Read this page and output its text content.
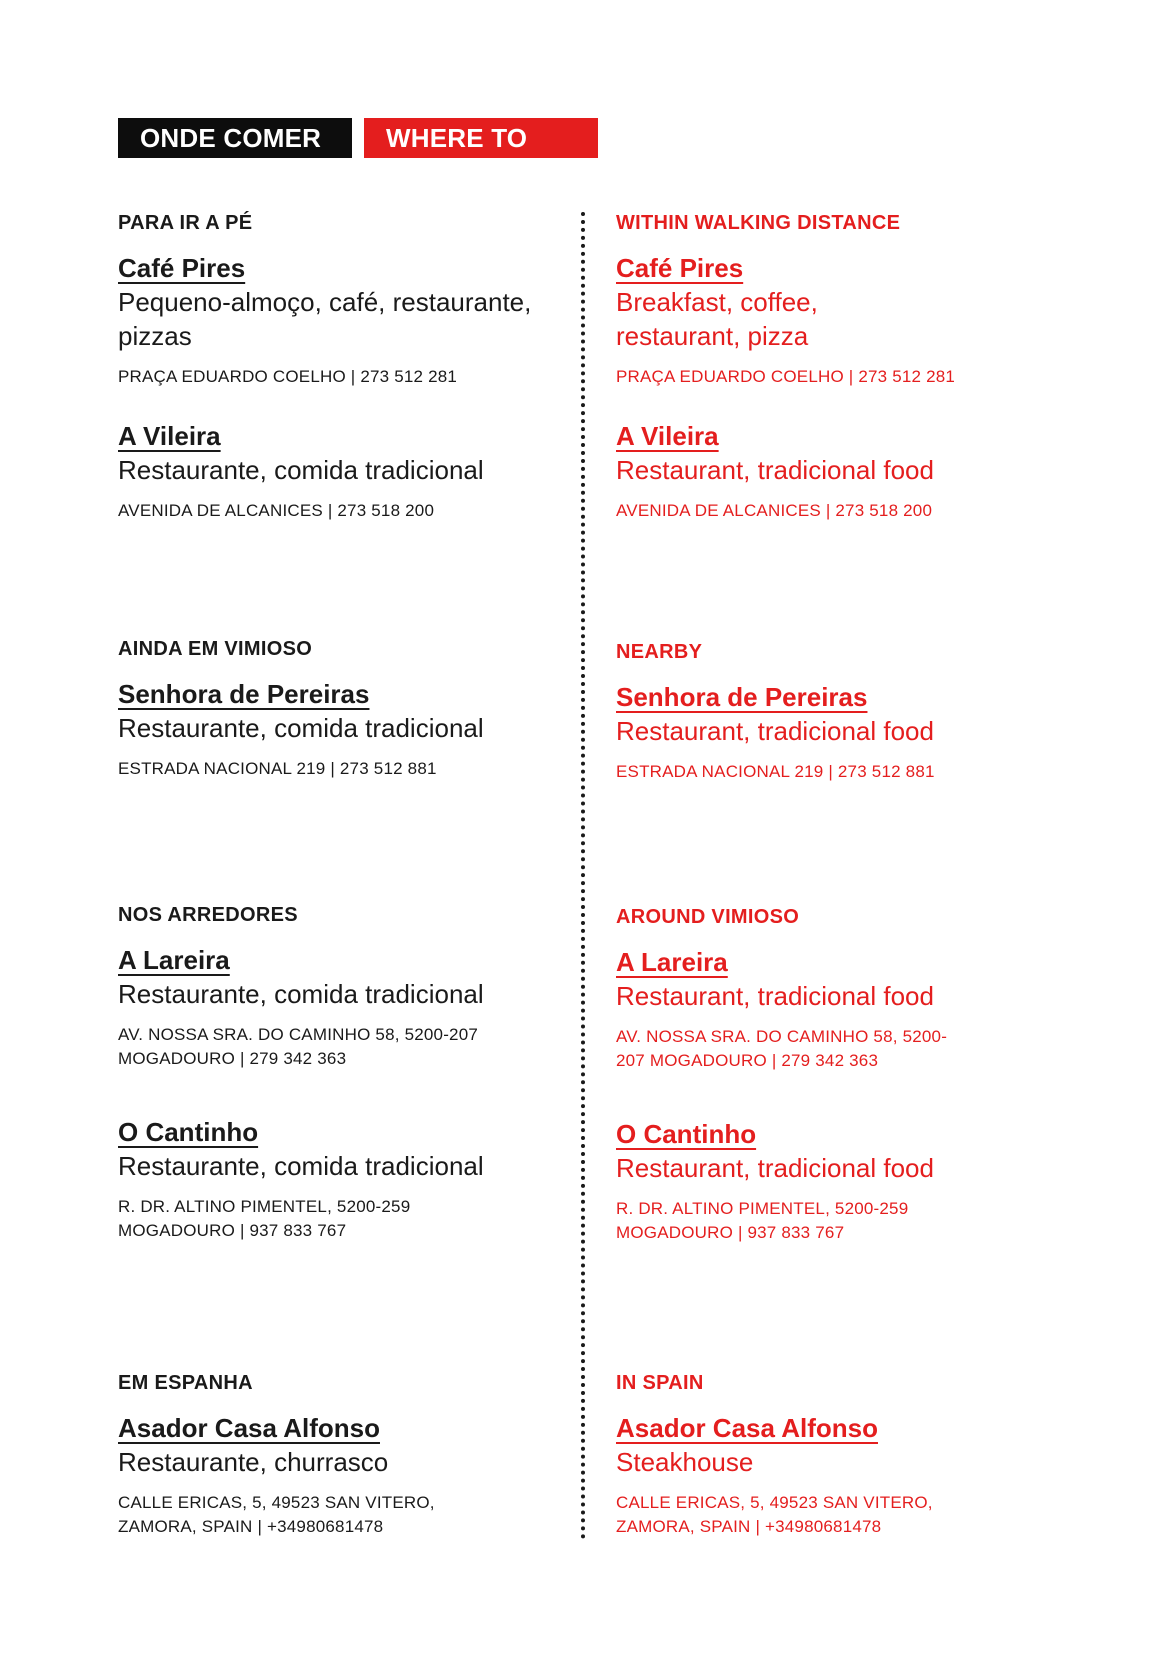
ONDE COMER	WHERE TO EAT
PARA IR A PÉ
Café Pires
Pequeno-almoço, café, restaurante, pizzas
PRAÇA EDUARDO COELHO | 273 512 281
A Vileira
Restaurante, comida tradicional
AVENIDA DE ALCANICES | 273 518 200
AINDA EM VIMIOSO
Senhora de Pereiras
Restaurante, comida tradicional
ESTRADA NACIONAL 219 | 273 512 881
NOS ARREDORES
A Lareira
Restaurante, comida tradicional
AV. NOSSA SRA. DO CAMINHO 58, 5200-207 MOGADOURO | 279 342 363
O Cantinho
Restaurante, comida tradicional
R. DR. ALTINO PIMENTEL, 5200-259 MOGADOURO | 937 833 767
EM ESPANHA
Asador Casa Alfonso
Restaurante, churrasco
CALLE ERICAS, 5, 49523 SAN VITERO, ZAMORA, SPAIN | +34980681478
WITHIN WALKING DISTANCE
Café Pires
Breakfast, coffee, restaurant, pizza
PRAÇA EDUARDO COELHO | 273 512 281
A Vileira
Restaurant, tradicional food
AVENIDA DE ALCANICES | 273 518 200
NEARBY
Senhora de Pereiras
Restaurant, tradicional food
ESTRADA NACIONAL 219 | 273 512 881
AROUND VIMIOSO
A Lareira
Restaurant, tradicional food
AV. NOSSA SRA. DO CAMINHO 58, 5200-207 MOGADOURO | 279 342 363
O Cantinho
Restaurant, tradicional food
R. DR. ALTINO PIMENTEL, 5200-259 MOGADOURO | 937 833 767
IN SPAIN
Asador Casa Alfonso
Steakhouse
CALLE ERICAS, 5, 49523 SAN VITERO, ZAMORA, SPAIN | +34980681478
